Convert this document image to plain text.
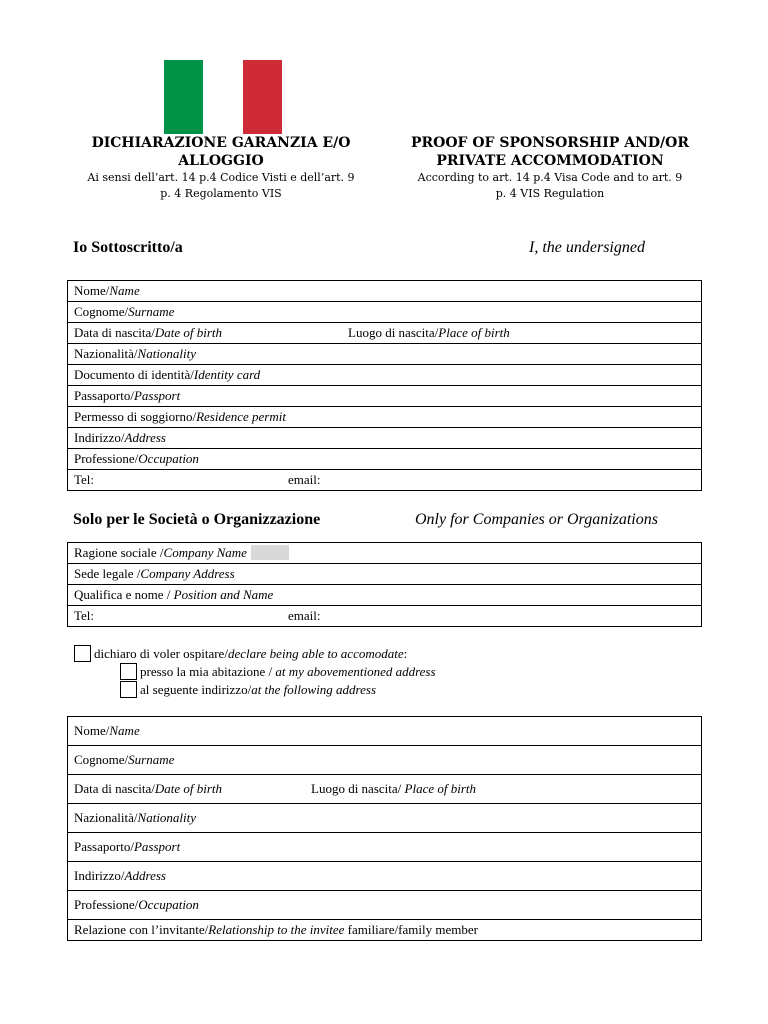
DICHIARAZIONE GARANZIA E/O ALLOGGIO
Ai sensi dell’art. 14 p.4 Codice Visti e dell’art. 9
p. 4 Regolamento VIS
PROOF OF SPONSORSHIP AND/OR PRIVATE ACCOMMODATION
According to art. 14 p.4 Visa Code and to art. 9
p. 4 VIS Regulation
Io Sottoscritto/a	I, the undersigned
Nome/Name

Cognome/Surname

Data di nascita/Date of birth	Luogo di nascita/Place of birth

Nazionalità/Nationality

Documento di identità/Identity card

Passaporto/Passport

Permesso di soggiorno/Residence permit

Indirizzo/Address

Professione/Occupation

Tel:	email:
Solo per le Società o Organizzazione	Only for Companies or Organizations
Ragione sociale /Company Name

Sede legale /Company Address

Qualifica e nome / Position and Name

Tel:	email:
dichiaro di voler ospitare/ declare being able to accomodate :
presso la mia abitazione / at my abovementioned address
al seguente indirizzo/ at the following address
Nome/Name

Cognome/Surname

Data di nascita/Date of birth	Luogo di nascita/ Place of birth

Nazionalità/Nationality

Passaporto/Passport

Indirizzo/Address

Professione/Occupation

Relazione con l’invitante/Relationship to the invitee familiare/family member
